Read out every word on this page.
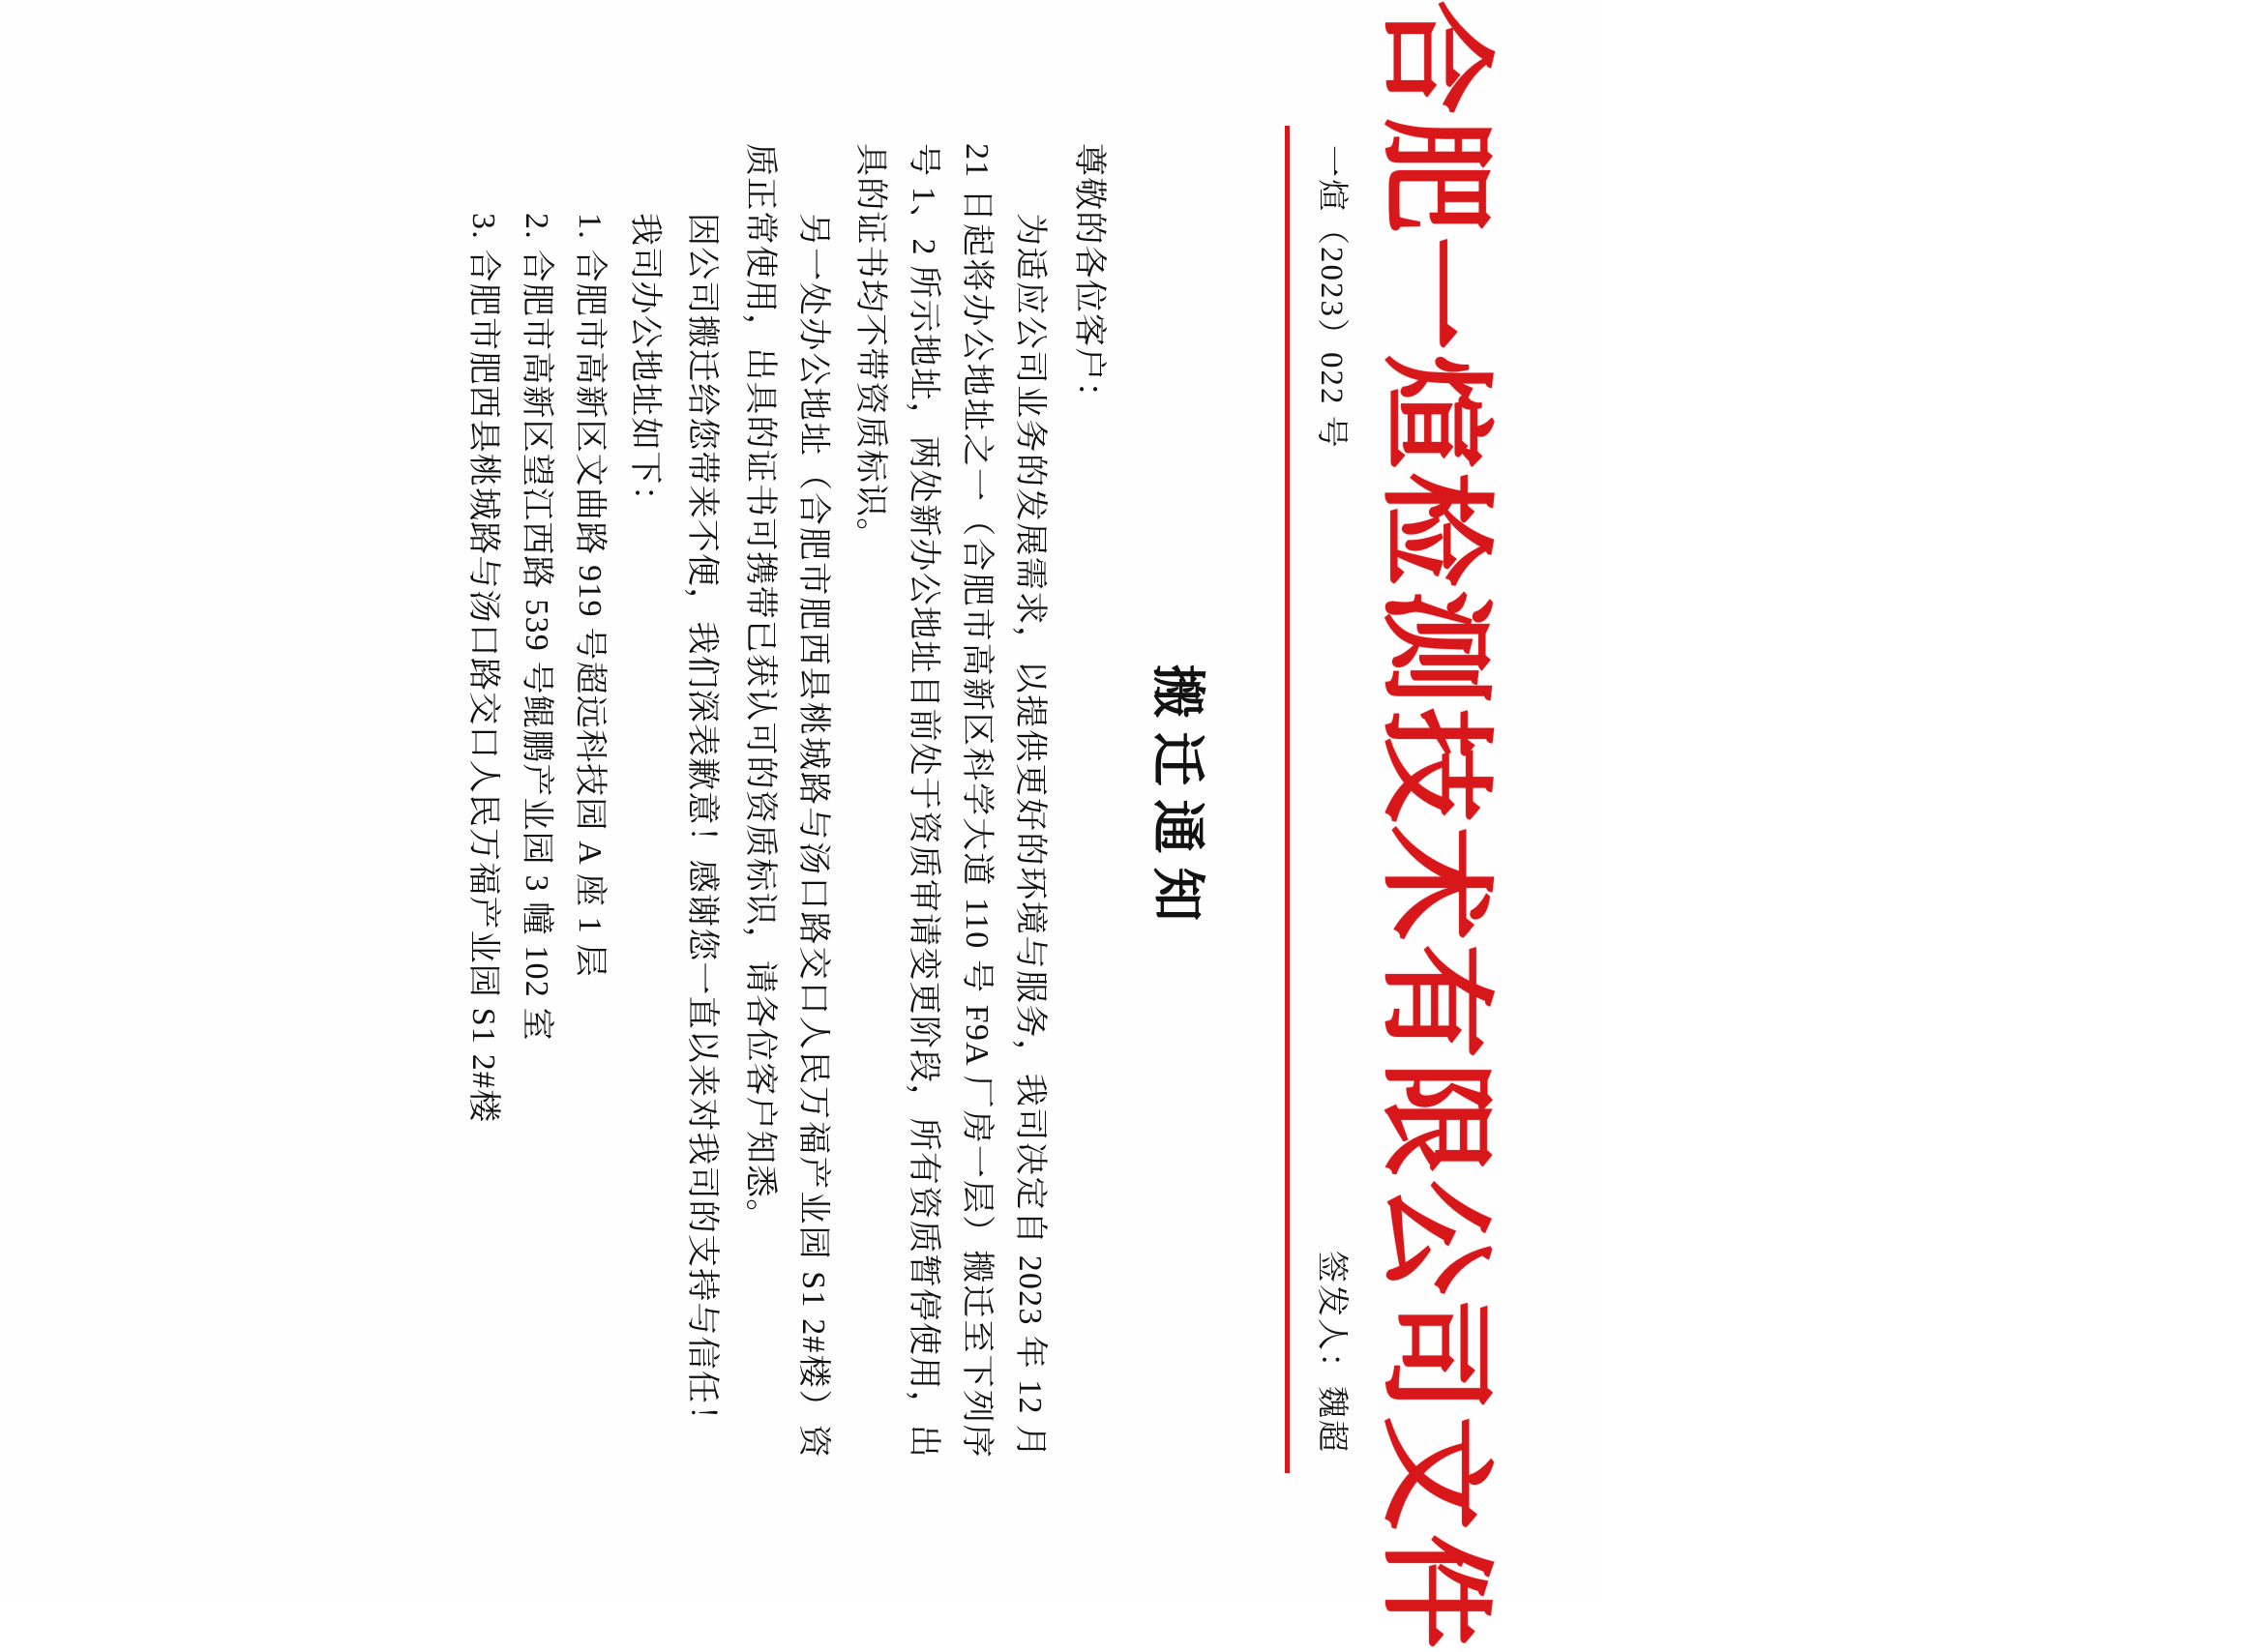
合肥一煊检测技术有限公司文件
一煊（2023）022 号
签发人：魏超
搬迁通知
尊敬的各位客户：

为适应公司业务的发展需求，以提供更好的环境与服务，我司决定自 2023 年 12 月 21 日起将办公地址之一（合肥市高新区科学大道 110 号 F9A 厂房一层）搬迁至下列序号 1、2 所示地址，两处新办公地址目前处于资质审请变更阶段，所有资质暂停使用，出具的证书均不带资质标识。

另一处办公地址（合肥市肥西县桃城路与汤口路交口人民万福产业园 S1 2#楼）资质正常使用，出具的证书可携带已获认可的资质标识，请各位客户知悉。

因公司搬迁给您带来不便，我们深表歉意！感谢您一直以来对我司的支持与信任！

我司办公地址如下：
1. 合肥市高新区文曲路 919 号超远科技园 A 座 1 层
2. 合肥市高新区望江西路 539 号鲲鹏产业园 3 幢 102 室
3. 合肥市肥西县桃城路与汤口路交口人民万福产业园 S1 2#楼
